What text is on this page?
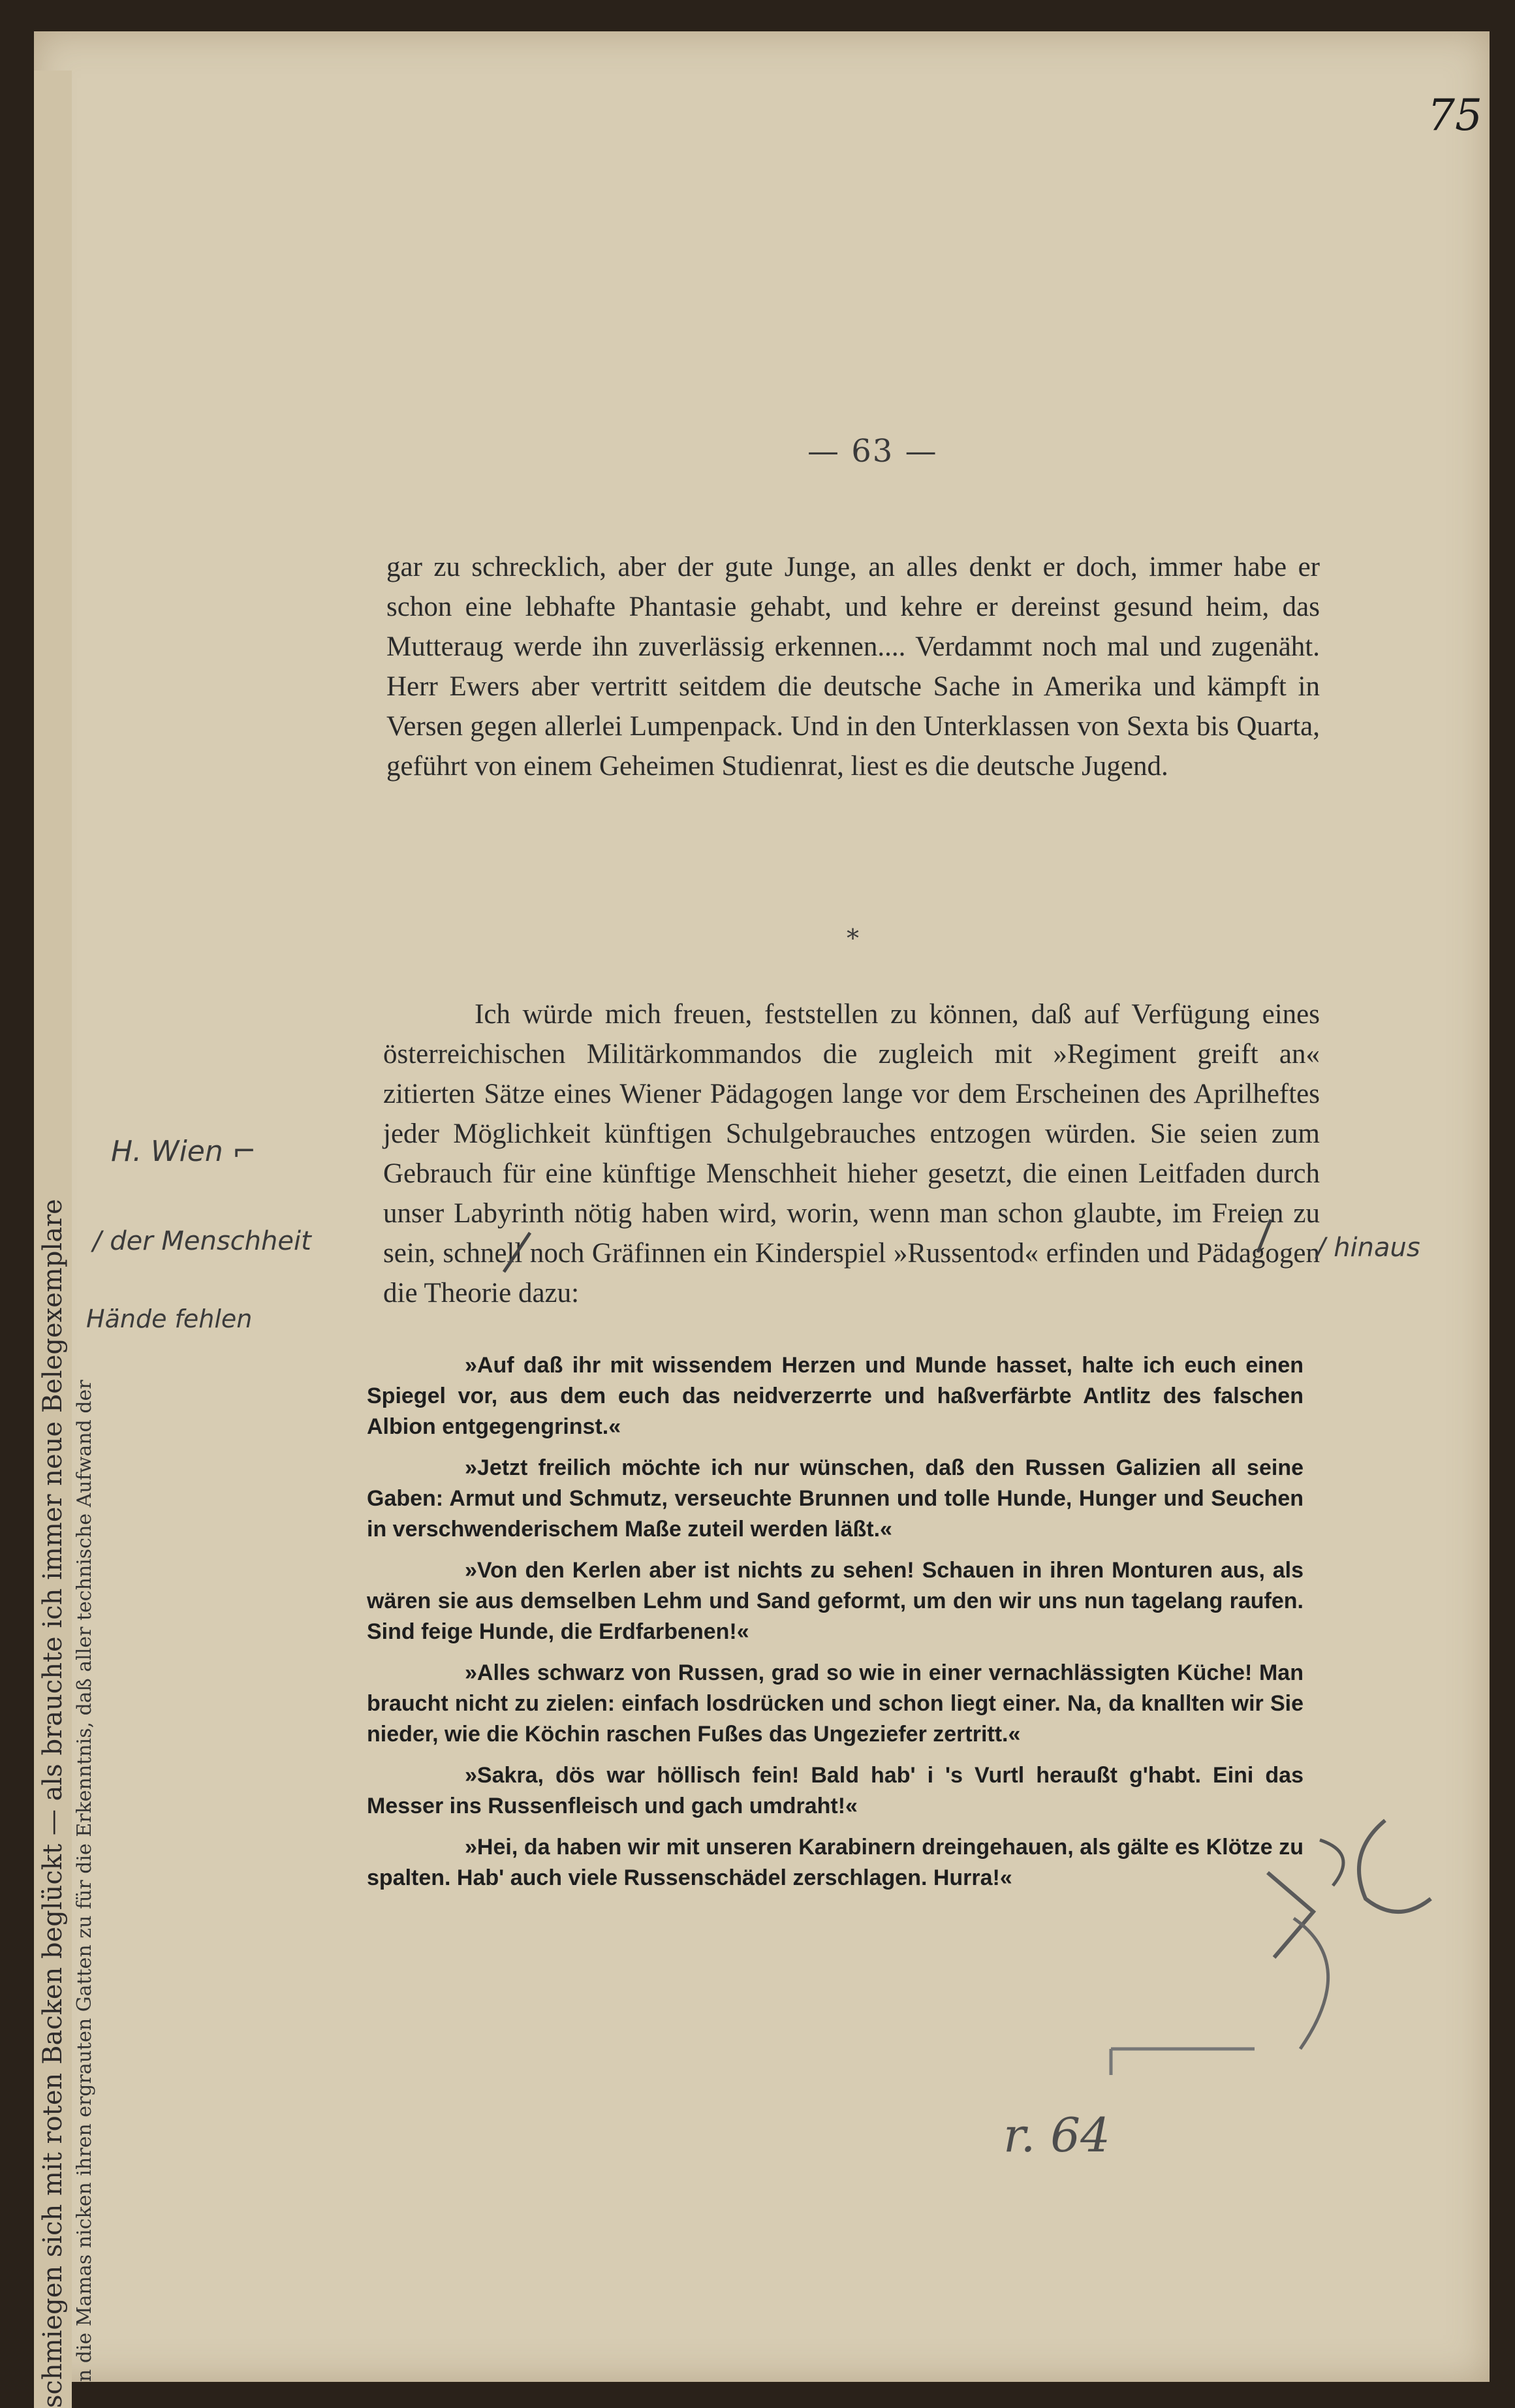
schmiegen sich mit roten Backen beglückt — als brauchte ich immer neue Belegexemplare n die Mamas nicken ihren ergrauten Gatten zu für die Erkenntnis, daß aller technische Aufwand der
75
— 63 —

gar zu schrecklich, aber der gute Junge, an alles denkt er doch, immer habe er schon eine lebhafte Phantasie gehabt, und kehre er dereinst gesund heim, das Mutteraug werde ihn zuverlässig erkennen.... Verdammt noch mal und zugenäht. Herr Ewers aber vertritt seitdem die deutsche Sache in Amerika und kämpft in Versen gegen allerlei Lumpenpack. Und in den Unterklassen von Sexta bis Quarta, geführt von einem Geheimen Studienrat, liest es die deutsche Jugend.

⁎

Ich würde mich freuen, feststellen zu können, daß auf Verfügung eines österreichischen Militärkommandos die zugleich mit »Regiment greift an« zitierten Sätze eines Wiener Pädagogen lange vor dem Erscheinen des Aprilheftes jeder Möglichkeit künftigen Schulgebrauches entzogen würden. Sie seien zum Gebrauch für eine künftige Menschheit hieher gesetzt, die einen Leitfaden durch unser Labyrinth nötig haben wird, worin, wenn man schon glaubte, im Freien zu sein, schnell noch Gräfinnen ein Kinderspiel »Russentod« erfinden und Pädagogen die Theorie dazu:

»Auf daß ihr mit wissendem Herzen und Munde hasset, halte ich euch einen Spiegel vor, aus dem euch das neidverzerrte und haßverfärbte Antlitz des falschen Albion entgegengrinst.«

»Jetzt freilich möchte ich nur wünschen, daß den Russen Galizien all seine Gaben: Armut und Schmutz, verseuchte Brunnen und tolle Hunde, Hunger und Seuchen in verschwenderischem Maße zuteil werden läßt.«

»Von den Kerlen aber ist nichts zu sehen! Schauen in ihren Monturen aus, als wären sie aus demselben Lehm und Sand geformt, um den wir uns nun tagelang raufen. Sind feige Hunde, die Erdfarbenen!«

»Alles schwarz von Russen, grad so wie in einer vernachlässigten Küche! Man braucht nicht zu zielen: einfach losdrücken und schon liegt einer. Na, da knallten wir Sie nieder, wie die Köchin raschen Fußes das Ungeziefer zertritt.«

»Sakra, dös war höllisch fein! Bald hab' i 's Vurtl heraußt g'habt. Eini das Messer ins Russenfleisch und gach umdraht!«

»Hei, da haben wir mit unseren Karabinern dreingehauen, als gälte es Klötze zu spalten. Hab' auch viele Russenschädel zerschlagen. Hurra!«

H. Wien ⌐
/ der Menschheit
Hände fehlen
/ hinaus
r. 64
